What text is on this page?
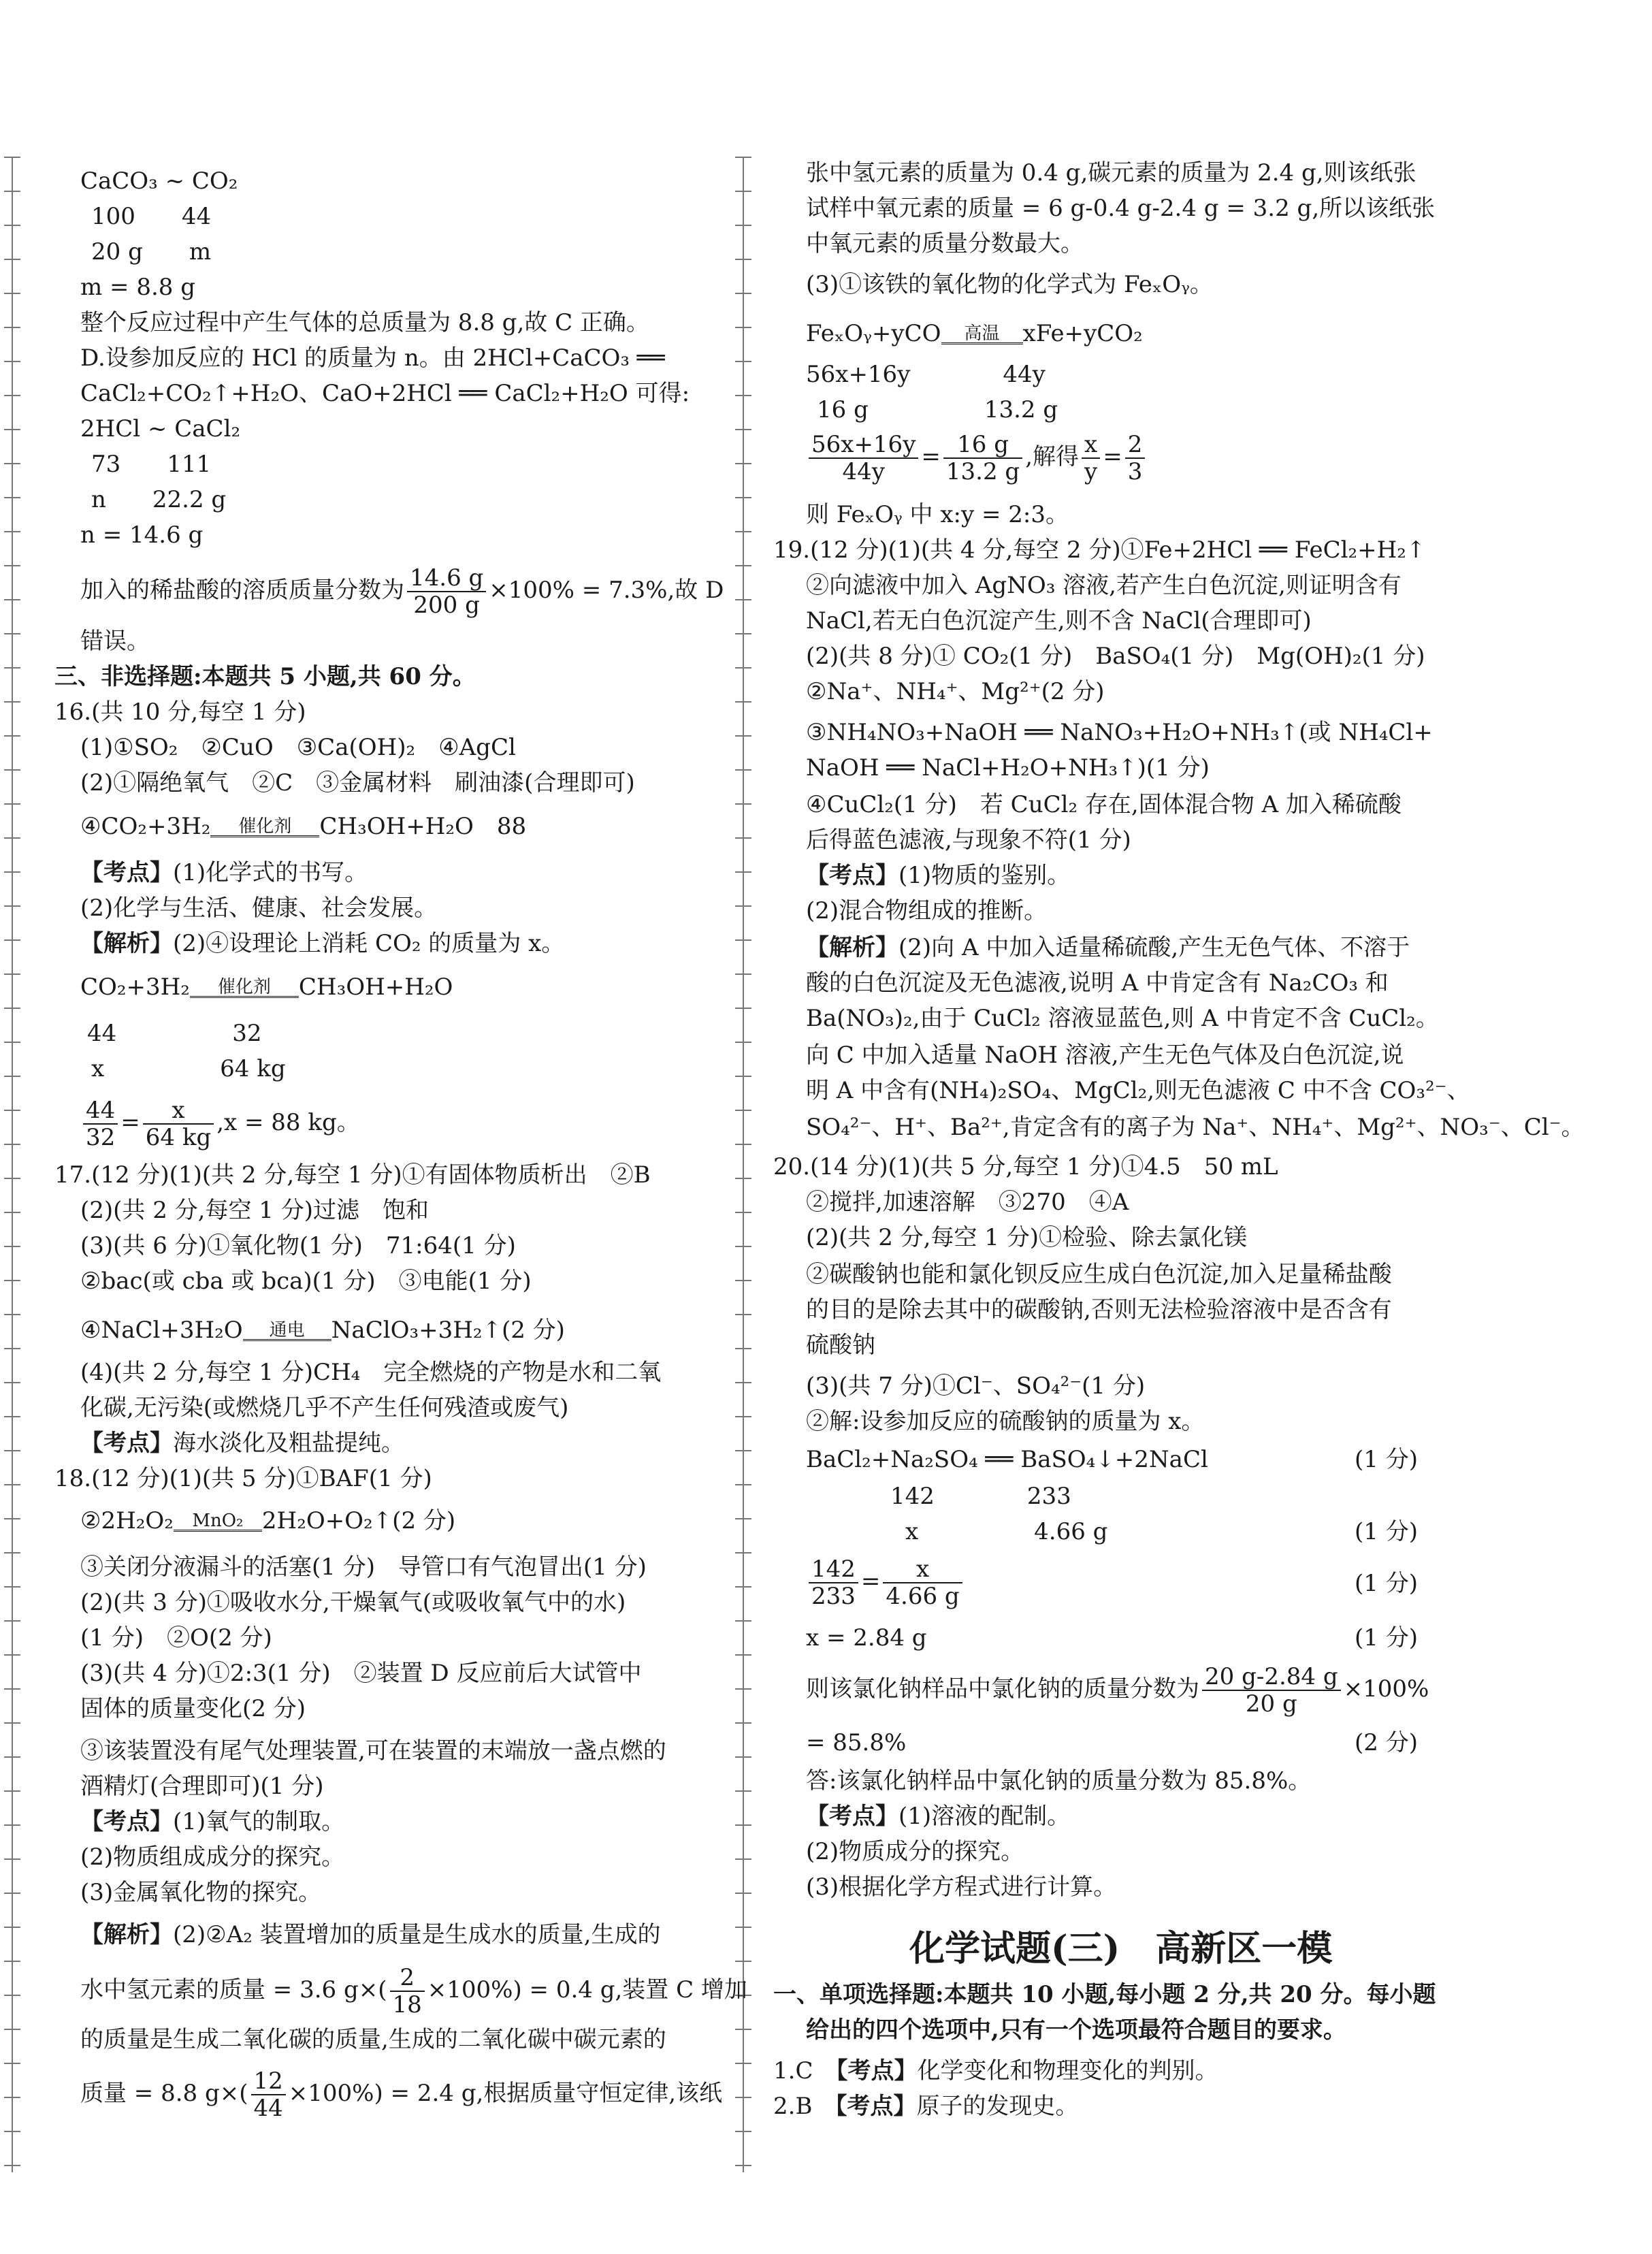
CaCO₃ ~ CO₂
100　　44
20 g　　m
m = 8.8 g
整个反应过程中产生气体的总质量为 8.8 g,故 C 正确。
D.设参加反应的 HCl 的质量为 n。由 2HCl+CaCO₃ ══
CaCl₂+CO₂↑+H₂O、CaO+2HCl ══ CaCl₂+H₂O 可得:
2HCl ~ CaCl₂
73　　111
n　　22.2 g
n = 14.6 g
加入的稀盐酸的溶质质量分数为 $\frac{14.6 g}{200 g} \times 100\% = 7.3\%$,故 D
错误。
三、非选择题:本题共 5 小题,共 60 分。
16.(共 10 分,每空 1 分)
(1)①SO₂　②CuO　③Ca(OH)₂　④AgCl
(2)①隔绝氧气　②C　③金属材料　刷油漆(合理即可)
④CO₂+3H₂	催化剂	CH₃OH+H₂O　88
【考点】(1)化学式的书写。
(2)化学与生活、健康、社会发展。
【解析】(2)④设理论上消耗 CO₂ 的质量为 x。
CO₂+3H₂	催化剂	CH₃OH+H₂O
44　　　　　32
x　　　　　64 kg
$\frac{44}{32} = \frac{x}{64 kg} ,x = 88$ kg。
17.(12 分)(1)(共 2 分,每空 1 分)①有固体物质析出　②B
(2)(共 2 分,每空 1 分)过滤　饱和
(3)(共 6 分)①氧化物(1 分)　71:64(1 分)
②bac(或 cba 或 bca)(1 分)　③电能(1 分)
④NaCl+3H₂O	通电	NaClO₃+3H₂↑(2 分)
(4)(共 2 分,每空 1 分)CH₄　完全燃烧的产物是水和二氧
化碳,无污染(或燃烧几乎不产生任何残渣或废气)
【考点】海水淡化及粗盐提纯。
18.(12 分)(1)(共 5 分)①BAF(1 分)
②2H₂O₂	MnO₂ 2H₂O+O₂↑(2 分)
③关闭分液漏斗的活塞(1 分)　导管口有气泡冒出(1 分)
(2)(共 3 分)①吸收水分,干燥氧气(或吸收氧气中的水)
(1 分)　②O(2 分)
(3)(共 4 分)①2:3(1 分)　②装置 D 反应前后大试管中
固体的质量变化(2 分)
③该装置没有尾气处理装置,可在装置的末端放一盏点燃的
酒精灯(合理即可)(1 分)
【考点】(1)氧气的制取。
(2)物质组成成分的探究。
(3)金属氧化物的探究。
【解析】(2)②A₂ 装置增加的质量是生成水的质量,生成的
水中氢元素的质量 = 3.6 $g\times( \frac{2}{18} \times 100\%) = 0.4$ g,装置 C 增加
的质量是生成二氧化碳的质量,生成的二氧化碳中碳元素的
质量 = 8.8 $g\times( \frac{12}{44} \times 100\%) = 2.4$ g,根据质量守恒定律,该纸
张中氢元素的质量为 0.4 g,碳元素的质量为 2.4 g,则该纸张
试样中氧元素的质量 = 6 g-0.4 g-2.4 g = 3.2 g,所以该纸张
中氧元素的质量分数最大。
(3)①该铁的氧化物的化学式为 FeₓOᵧ。
FeₓOᵧ+yCO	高温	xFe+yCO₂
56x+16y　　　　44y
16 g　　　　　13.2 g
$\frac{56x+16y}{44y} = \frac{16 g}{13.2 g}$ ,解得 $\frac{x}{y} = \frac{2}{3}$
则 FeₓOᵧ 中 x:y = 2:3。
19.(12 分)(1)(共 4 分,每空 2 分)①Fe+2HCl ══ FeCl₂+H₂↑
②向滤液中加入 AgNO₃ 溶液,若产生白色沉淀,则证明含有
NaCl,若无白色沉淀产生,则不含 NaCl(合理即可)
(2)(共 8 分)① CO₂(1 分)　BaSO₄(1 分)　Mg(OH)₂(1 分)
②Na⁺、NH₄⁺、Mg²⁺(2 分)
③NH₄NO₃+NaOH ══ NaNO₃+H₂O+NH₃↑(或 NH₄Cl+
NaOH ══ NaCl+H₂O+NH₃↑)(1 分)
④CuCl₂(1 分)　若 CuCl₂ 存在,固体混合物 A 加入稀硫酸
后得蓝色滤液,与现象不符(1 分)
【考点】(1)物质的鉴别。
(2)混合物组成的推断。
【解析】(2)向 A 中加入适量稀硫酸,产生无色气体、不溶于
酸的白色沉淀及无色滤液,说明 A 中肯定含有 Na₂CO₃ 和
Ba(NO₃)₂,由于 CuCl₂ 溶液显蓝色,则 A 中肯定不含 CuCl₂。
向 C 中加入适量 NaOH 溶液,产生无色气体及白色沉淀,说
明 A 中含有(NH₄)₂SO₄、MgCl₂,则无色滤液 C 中不含 CO₃²⁻、
SO₄²⁻、H⁺、Ba²⁺,肯定含有的离子为 Na⁺、NH₄⁺、Mg²⁺、NO₃⁻、Cl⁻。
20.(14 分)(1)(共 5 分,每空 1 分)①4.5　50 mL
②搅拌,加速溶解　③270　④A
(2)(共 2 分,每空 1 分)①检验、除去氯化镁
②碳酸钠也能和氯化钡反应生成白色沉淀,加入足量稀盐酸
的目的是除去其中的碳酸钠,否则无法检验溶液中是否含有
硫酸钠
(3)(共 7 分)①Cl⁻、SO₄²⁻(1 分)
②解:设参加反应的硫酸钠的质量为 x。
BaCl₂+Na₂SO₄ ══ BaSO₄↓+2NaCl	(1 分)
142　　　　233
x　　　　　4.66 g	(1 分)
$\frac{142}{233} = \frac{x}{4.66 g}$	(1 分)
x = 2.84 g	(1 分)
则该氯化钠样品中氯化钠的质量分数为 $\frac{20 g-2.84 g}{20 g} \times 100\%$
= 85.8%	(2 分)
答:该氯化钠样品中氯化钠的质量分数为 85.8%。
【考点】(1)溶液的配制。
(2)物质成分的探究。
(3)根据化学方程式进行计算。
化学试题(三)　高新区一模
一、单项选择题:本题共 10 小题,每小题 2 分,共 20 分。每小题
给出的四个选项中,只有一个选项最符合题目的要求。
1.C　【考点】化学变化和物理变化的判别。
2.B　【考点】原子的发现史。
